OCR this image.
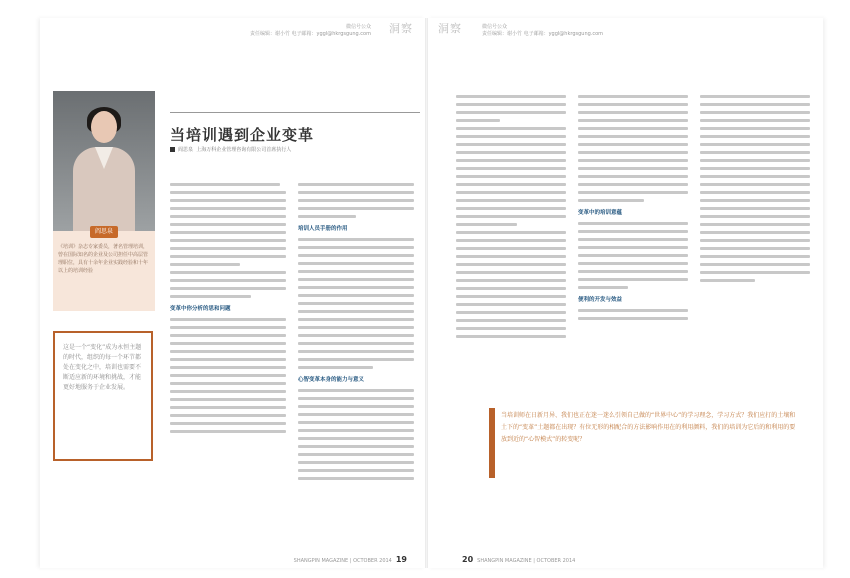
微信号公众
责任编辑：谢小竹 电子邮箱：yggl@hkrgsgung.com 洞察
《培训》杂志专家委员，著名管理培训，曾在国际知名的企业及公司担任中高层管理职位，具有十余年企业实践经验和十年以上的培训经验
阎思泉
这是一个“变化”成为永恒主题的时代，组织的每一个环节都处在变化之中，培训也需要不断适应新的环境和挑战，才能更好地服务于企业发展。
当培训遇到企业变革
阎思泉 上海万科企业管理咨询有限公司首席执行人
变革中你分析的思和问题
培训人员手册的作用
心智变革本身的能力与意义
SHANGPIN MAGAZINE | OCTOBER 2014 19
洞察	微信号公众
责任编辑：谢小竹 电子邮箱：yggl@hkrgsgung.com
变革中的培训意蕴
便利的开发与效益
20 SHANGPIN MAGAZINE | OCTOBER 2014
当培训师在日新月异、我们也正在迷一迷么引领自己做的“世界中心”的学习理念，学习方式？我们应打的土壤和土下的“变革”土题都在出现？有位无形的相配合的方法影响作用在的利用颜料，我们的培训为它后的和利用的要放到近的“心智模式”的转变呢？
